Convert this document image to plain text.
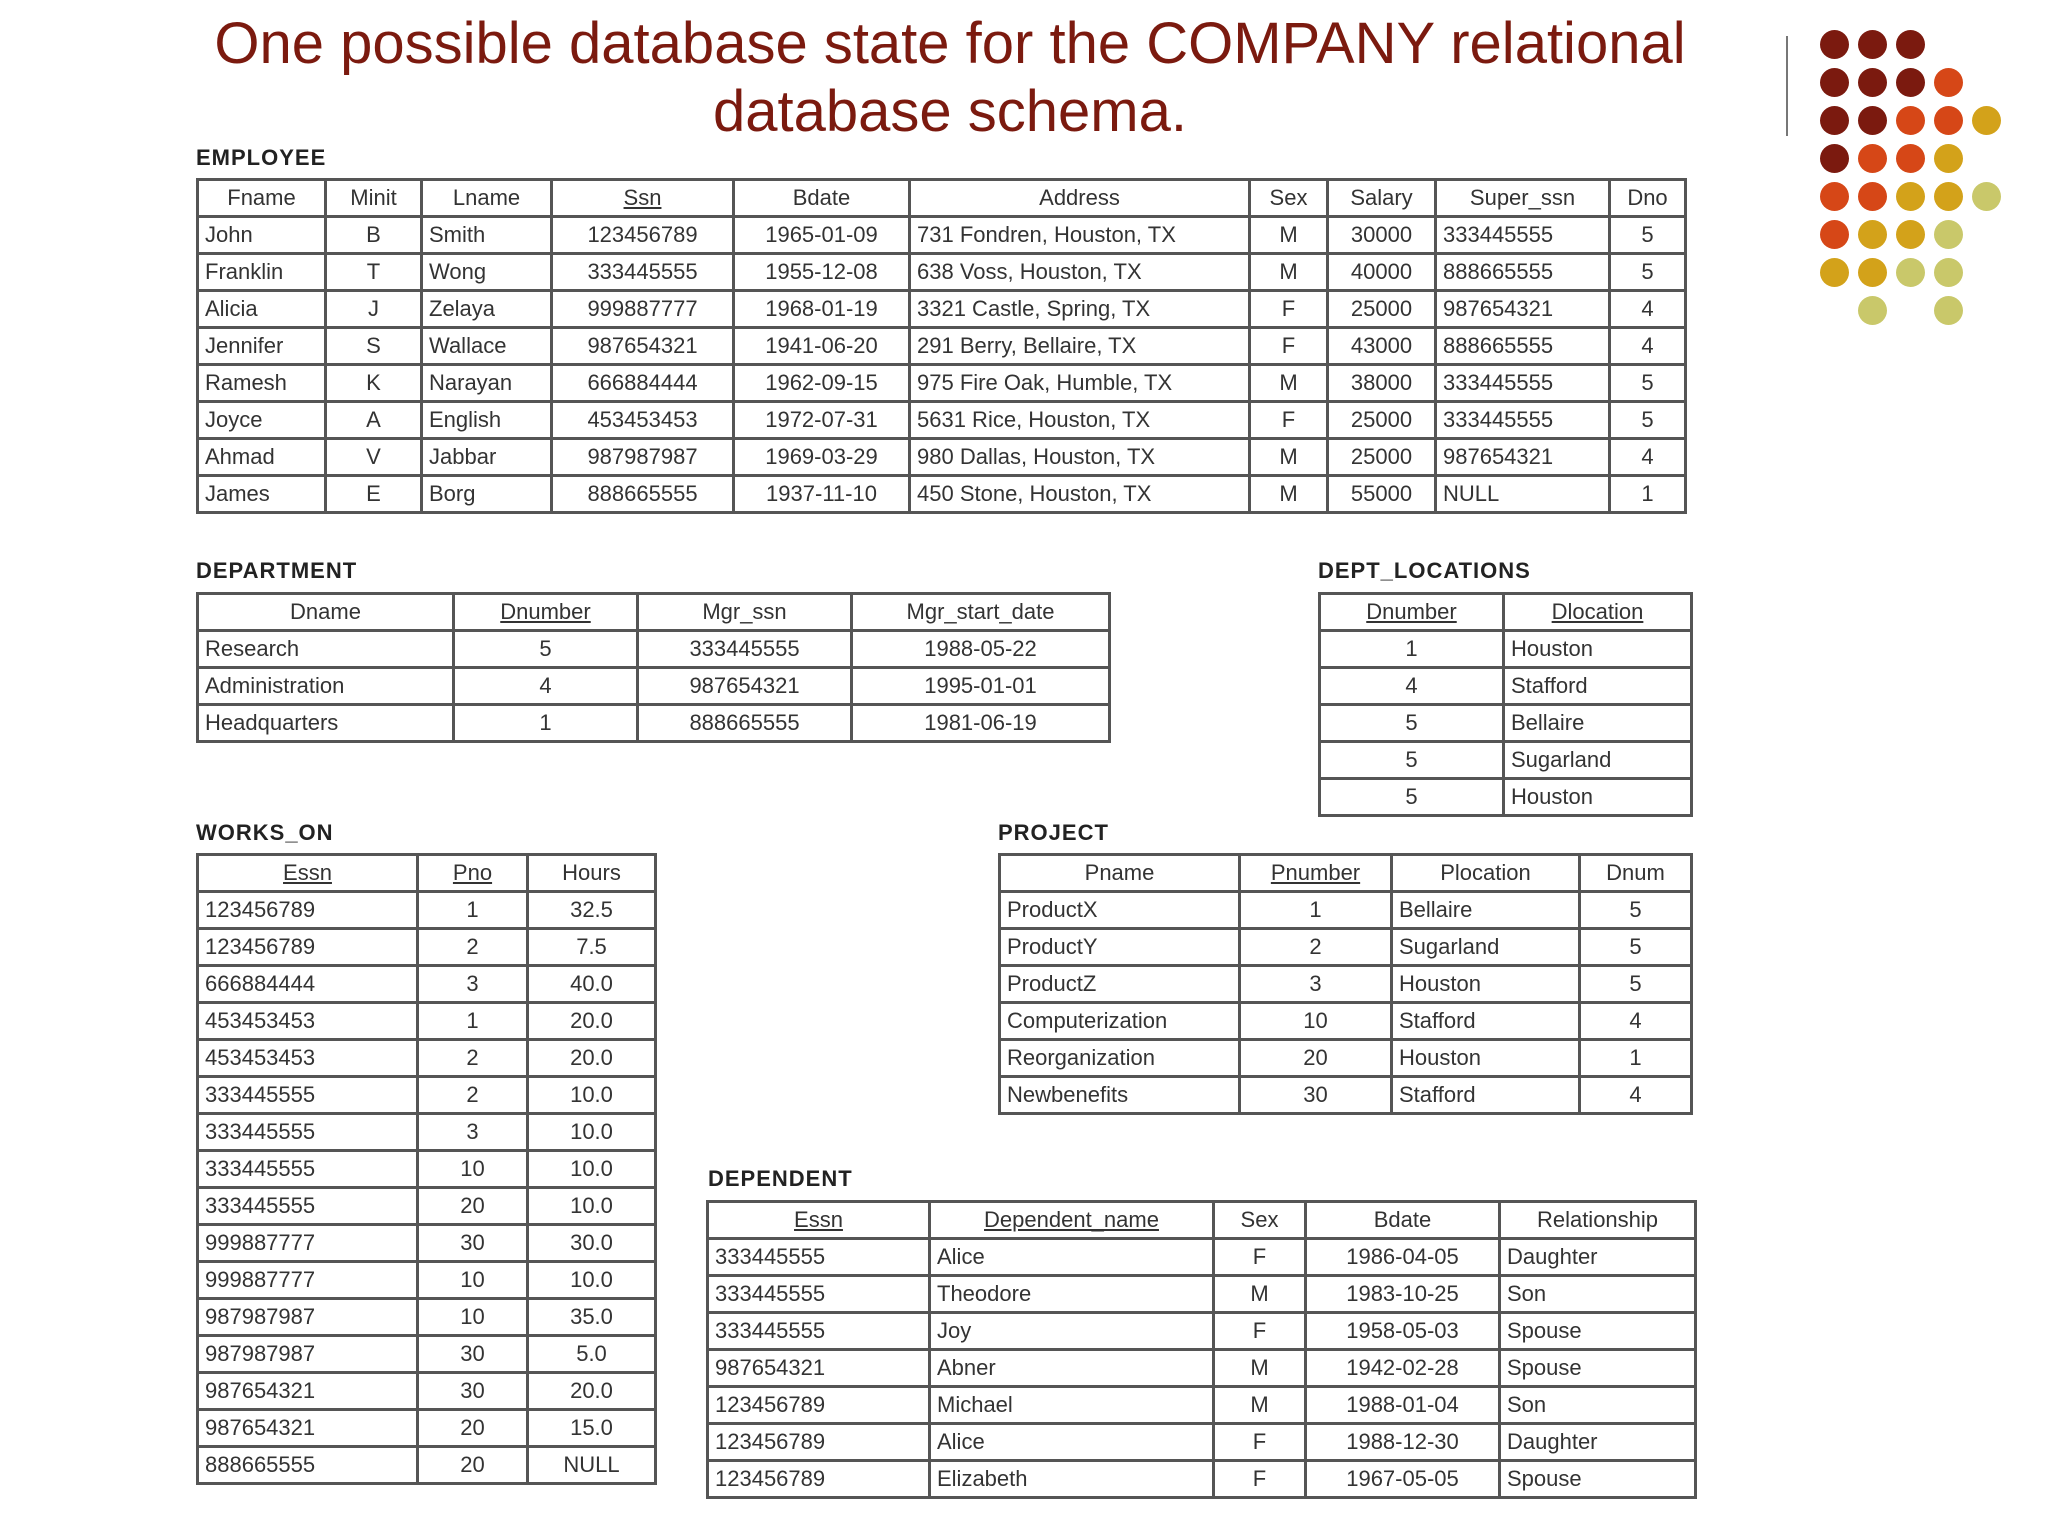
One possible database state for the COMPANY relational database schema.
EMPLOYEE
Fname	Minit	Lname	Ssn	Bdate	Address	Sex	Salary	Super_ssn	Dno
John	B	Smith	123456789	1965-01-09	731 Fondren, Houston, TX	M	30000	333445555	5
Franklin	T	Wong	333445555	1955-12-08	638 Voss, Houston, TX	M	40000	888665555	5
Alicia	J	Zelaya	999887777	1968-01-19	3321 Castle, Spring, TX	F	25000	987654321	4
Jennifer	S	Wallace	987654321	1941-06-20	291 Berry, Bellaire, TX	F	43000	888665555	4
Ramesh	K	Narayan	666884444	1962-09-15	975 Fire Oak, Humble, TX	M	38000	333445555	5
Joyce	A	English	453453453	1972-07-31	5631 Rice, Houston, TX	F	25000	333445555	5
Ahmad	V	Jabbar	987987987	1969-03-29	980 Dallas, Houston, TX	M	25000	987654321	4
James	E	Borg	888665555	1937-11-10	450 Stone, Houston, TX	M	55000	NULL	1
DEPARTMENT
Dname	Dnumber	Mgr_ssn	Mgr_start_date
Research	5	333445555	1988-05-22
Administration	4	987654321	1995-01-01
Headquarters	1	888665555	1981-06-19
DEPT_LOCATIONS
Dnumber	Dlocation
1	Houston
4	Stafford
5	Bellaire
5	Sugarland
5	Houston
WORKS_ON
Essn	Pno	Hours
123456789	1	32.5
123456789	2	7.5
666884444	3	40.0
453453453	1	20.0
453453453	2	20.0
333445555	2	10.0
333445555	3	10.0
333445555	10	10.0
333445555	20	10.0
999887777	30	30.0
999887777	10	10.0
987987987	10	35.0
987987987	30	5.0
987654321	30	20.0
987654321	20	15.0
888665555	20	NULL
PROJECT
Pname	Pnumber	Plocation	Dnum
ProductX	1	Bellaire	5
ProductY	2	Sugarland	5
ProductZ	3	Houston	5
Computerization	10	Stafford	4
Reorganization	20	Houston	1
Newbenefits	30	Stafford	4
DEPENDENT
Essn	Dependent_name	Sex	Bdate	Relationship
333445555	Alice	F	1986-04-05	Daughter
333445555	Theodore	M	1983-10-25	Son
333445555	Joy	F	1958-05-03	Spouse
987654321	Abner	M	1942-02-28	Spouse
123456789	Michael	M	1988-01-04	Son
123456789	Alice	F	1988-12-30	Daughter
123456789	Elizabeth	F	1967-05-05	Spouse
